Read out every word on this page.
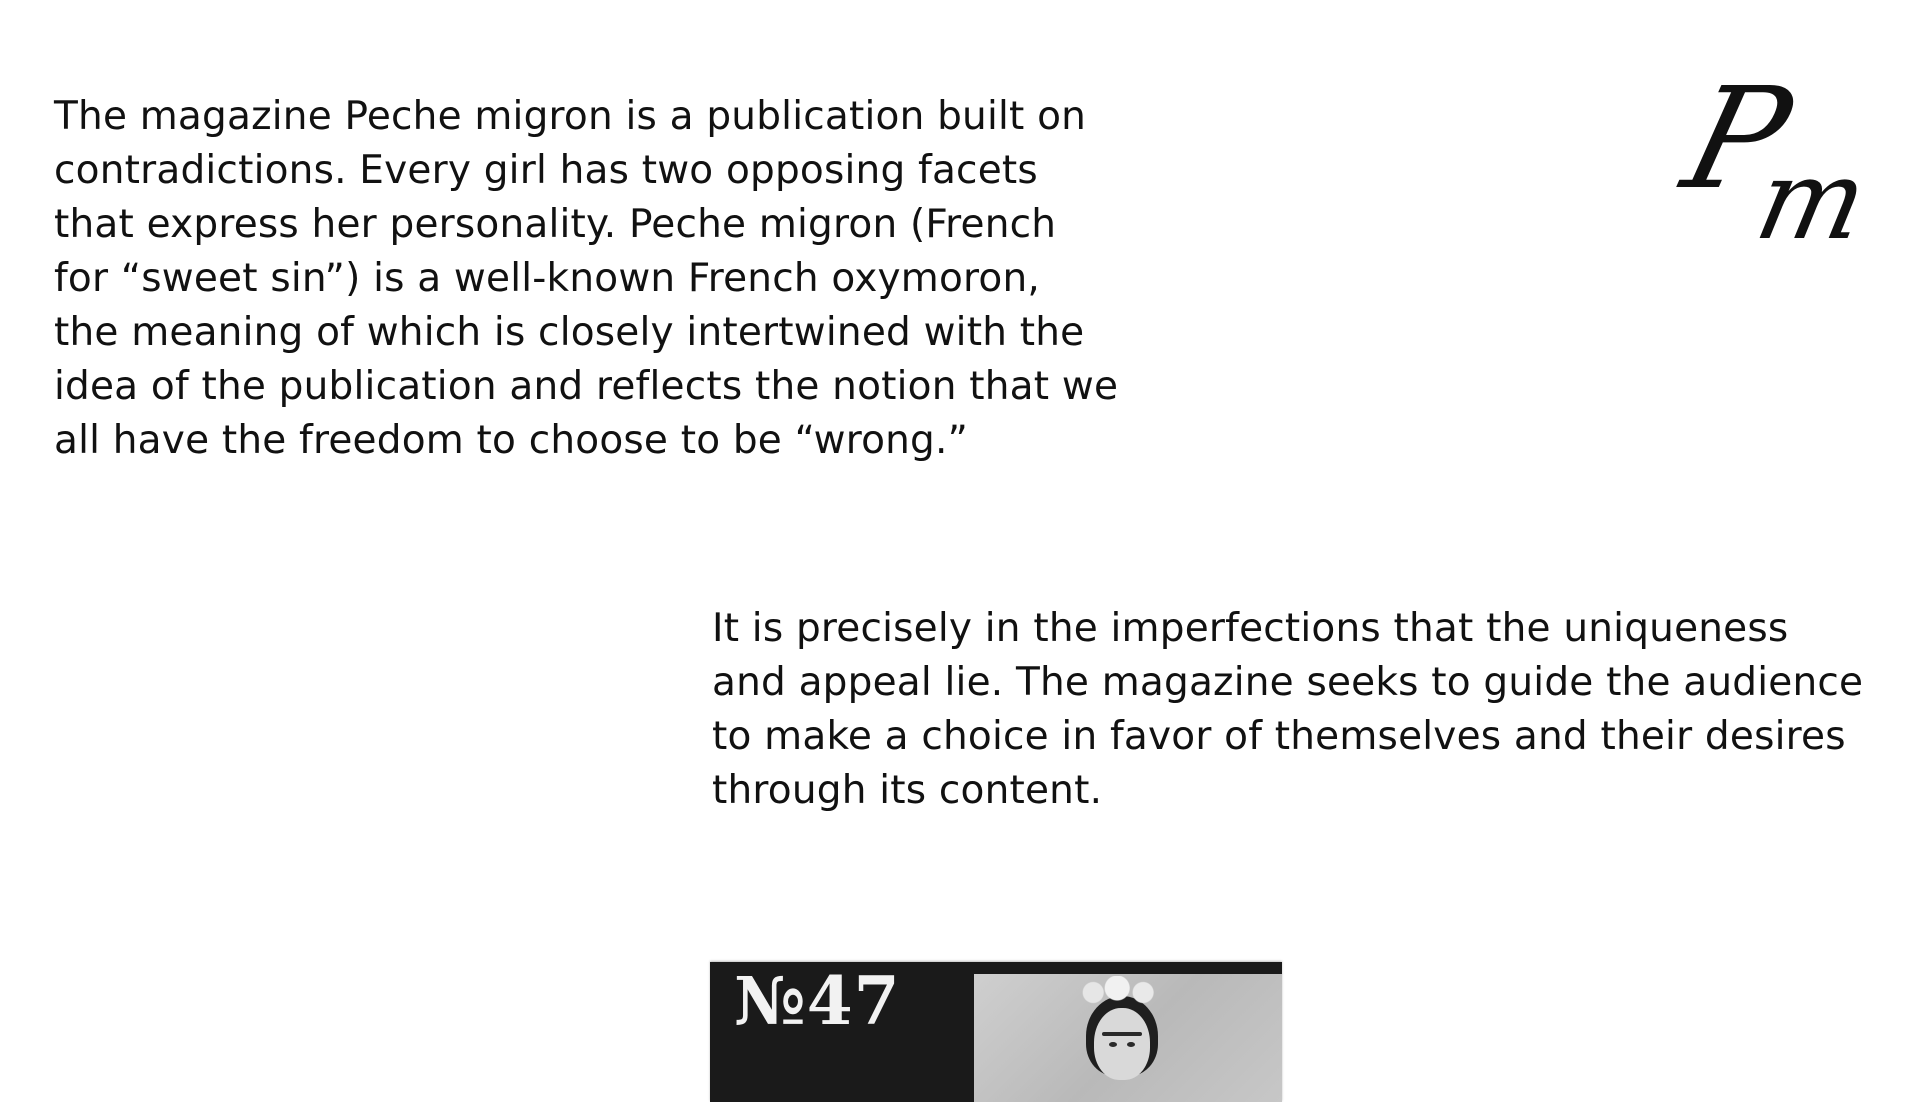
The magazine Peche migron is a publication built on
contradictions. Every girl has two opposing facets
that express her personality. Peche migron (French
for “sweet sin”) is a well-known French oxymoron,
the meaning of which is closely intertwined with the
idea of the publication and reflects the notion that we
all have the freedom to choose to be “wrong.”
P
m
It is precisely in the imperfections that the uniqueness
and appeal lie. The magazine seeks to guide the audience
to make a choice in favor of themselves and their desires
through its content.
№47
